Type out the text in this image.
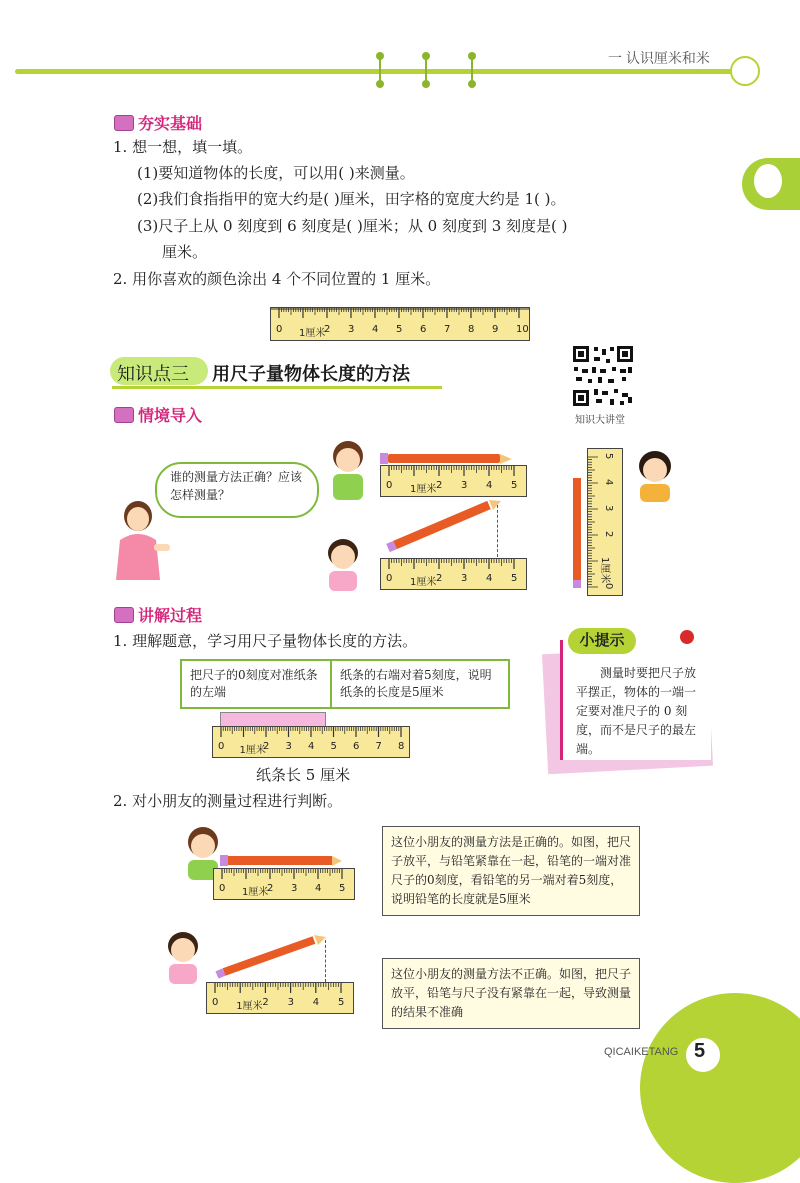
一 认识厘米和米
夯实基础
1. 想一想，填一填。
(1)要知道物体的长度，可以用( )来测量。
(2)我们食指指甲的宽大约是( )厘米，田字格的宽度大约是 1( )。
(3)尺子上从 0 刻度到 6 刻度是( )厘米；从 0 刻度到 3 刻度是( )
厘米。
2. 用你喜欢的颜色涂出 4 个不同位置的 1 厘米。
0 1厘米
2 3 4 5 6 7 8 9 10
知识点三 用尺子量物体长度的方法
知识大讲堂
情境导入
谁的测量方法正确？应该怎样测量？
0 1厘米 2 3 4 5
0 1厘米 2 3 4 5
0
1厘米
2
3
4
5
讲解过程
1. 理解题意，学习用尺子量物体长度的方法。
把尺子的0刻度对准纸条的左端
纸条的右端对着5刻度，说明纸条的长度是5厘米
0 1厘米
2 3 4 5 6 7 8
纸条长 5 厘米
小提示
测量时要把尺子放平摆正，物体的一端一定要对准尺子的 0 刻度，而不是尺子的最左端。
2. 对小朋友的测量过程进行判断。
0 1厘米
2 3 4 5
这位小朋友的测量方法是正确的。如图，把尺子放平，与铅笔紧靠在一起，铅笔的一端对准尺子的0刻度，看铅笔的另一端对着5刻度，说明铅笔的长度就是5厘米
0 1厘米 2 3 4 5
这位小朋友的测量方法不正确。如图，把尺子放平，铅笔与尺子没有紧靠在一起，导致测量的结果不准确
QICAIKETANG 5
